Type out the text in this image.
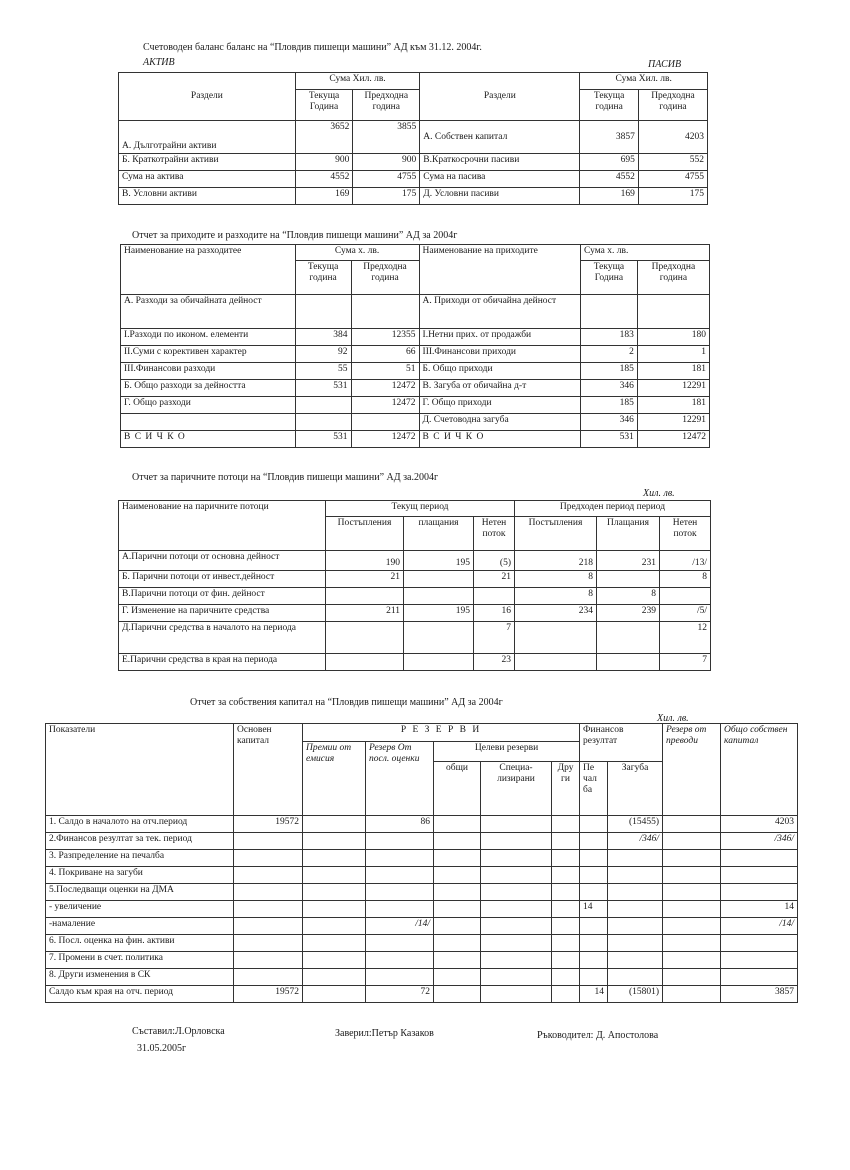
Счетоводен баланс баланс на “Пловдив пишещи машини” АД към 31.12. 2004г.
АКТИВ	ПАСИВ
Раздели	Сума Хил. лв.		Раздели	Сума Хил. лв.	
	Текуща Година	Предходна година		Текуща година	Предходна година
А. Дълготрайни активи	3652	3855	А. Собствен капитал	3857	4203
Б. Краткотрайни активи	900	900	В.Краткосрочни пасиви	695	552
Сума на актива	4552	4755	Сума на пасива	4552	4755
В. Условни активи	169	175	Д. Условни пасиви	169	175
Отчет за приходите и разходите на “Пловдив пишещи машини” АД за 2004г
Наименование на разходитее	Сума х. лв.		Наименование на приходите	Сума х. лв.	
	Текуща година	Предходна година		Текуща Година	Предходна година
А. Разходи за обичайната дейност			А. Приходи от обичайна дейност		
I.Разходи по иконом. елементи	384	12355	I.Нетни прих. от продажби	183	180
II.Суми с корективен характер	92	66	III.Финансови приходи	2	1
III.Финансови разходи	55	51	Б. Общо приходи	185	181
Б. Общо разходи за дейността	531	12472	В. Загуба от обичайна д-т	346	12291
Г. Общо разходи		12472	Г. Общо приходи	185	181
			Д. Счетоводна загуба	346	12291
В С И Ч К О	531	12472	В С И Ч К О	531	12472
Отчет за паричните потоци на “Пловдив пишещи машини” АД за.2004г
Хил. лв.
Наименование на паричните потоци	Текущ период			Предходен период период		
	Постъпления	плащания	Нетен поток	Постъпления	Плащания	Нетен поток
А.Парични потоци от основна дейност	190	195	(5)	218	231	/13/
Б. Парични потоци от инвест.дейност	21		21	8		8
В.Парични потоци от фин. дейност				8	8	
Г. Изменение на паричните средства	211	195	16	234	239	/5/
Д.Парични средства в началото на периода			7			12
Е.Парични средства в края на периода			23			7
Отчет за собствения капитал на “Пловдив пишещи машини” АД за 2004г
Хил. лв.
Показатели	Основен капитал	Р Е З Е Р В И					Финансов резултат		Резерв от преводи	Общо собствен капитал
		Премии от емисия	Резерв От посл. оценки	Целеви резерви						
				общи	Специа-лизирани	Дру ги	Пе чал ба	Загуба		
1. Салдо в началото на отч.период	19572		86					(15455)		4203
2.Финансов резултат за тек. период								/346/		/346/
3. Разпределение на печалба										
4. Покриване на загуби										
5.Последващи оценки на ДМА										
- увеличение							14			14
-намаление			/14/							/14/
6. Посл. оценка на фин. активи										
7. Промени в счет. политика										
8. Други изменения в СК										
Салдо към края на отч. период	19572		72				14	(15801)		3857
Съставил:Л.Орловска
31.05.2005г
Заверил:Петър Казаков	Ръководител: Д. Апостолова
